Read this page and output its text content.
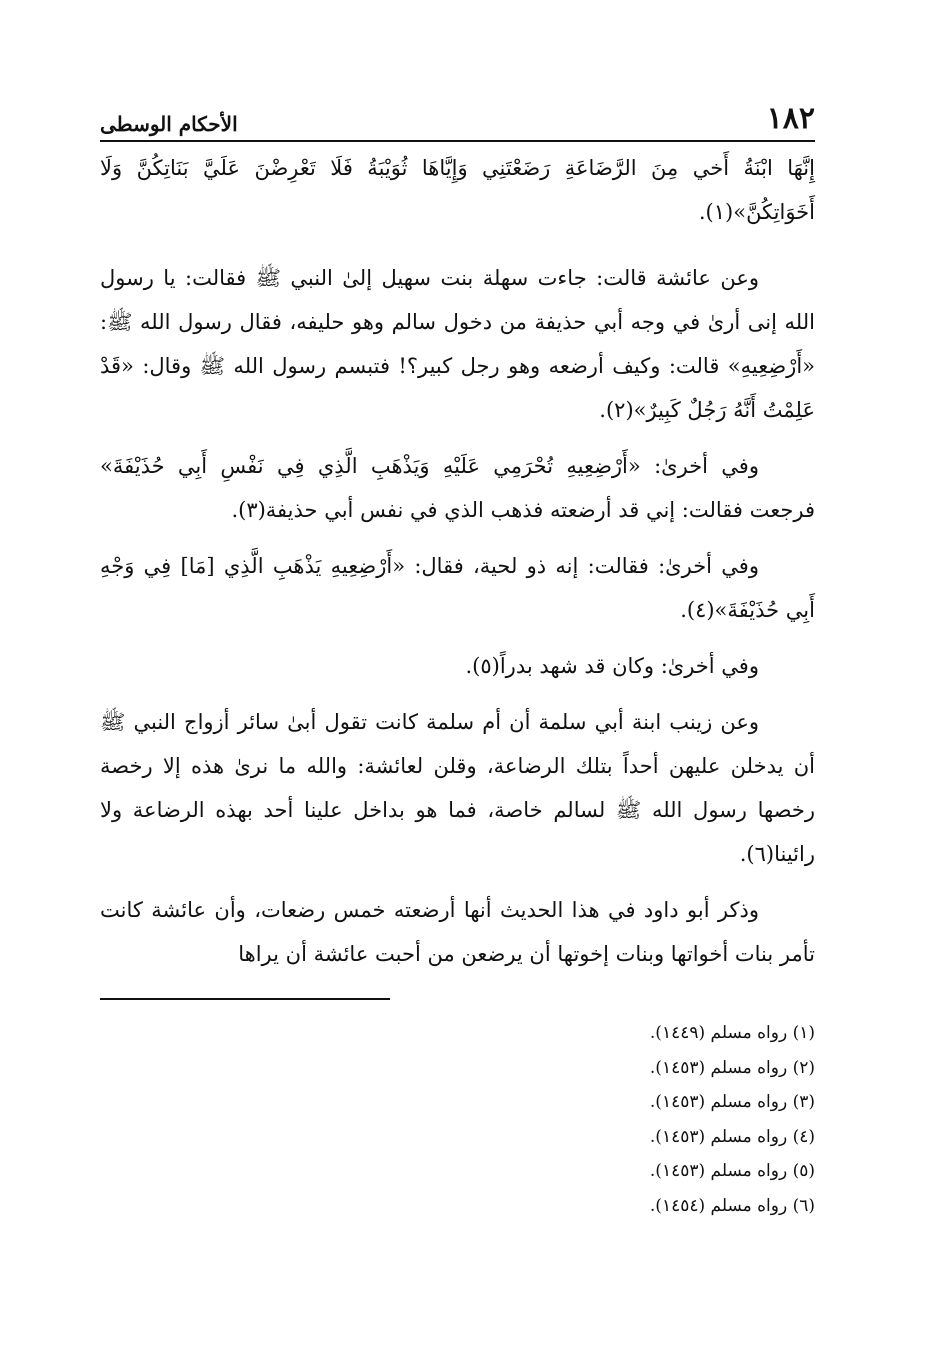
١٨٢
الأحكام الوسطى

إِنَّهَا ابْنَةُ أَخي مِنَ الرَّضَاعَةِ رَضَعْتَنِي وَإِيَّاهَا ثُوَيْبَةُ فَلَا تَعْرِضْنَ عَلَيَّ بَنَاتِكُنَّ وَلَا أَخَوَاتِكُنَّ»(١).

وعن عائشة قالت: جاءت سهلة بنت سهيل إلىٰ النبي ﷺ فقالت: يا رسول الله إنى أرىٰ في وجه أبي حذيفة من دخول سالم وهو حليفه، فقال رسول الله ﷺ: «أَرْضِعِيهِ» قالت: وكيف أرضعه وهو رجل كبير؟! فتبسم رسول الله ﷺ وقال: «قَدْ عَلِمْتُ أَنَّهُ رَجُلٌ كَبِيرٌ»(٢).

وفي أخرىٰ: «أَرْضِعِيهِ تُحْرَمِي عَلَيْهِ وَيَذْهَبِ الَّذِي فِي نَفْسِ أَبِي حُذَيْفَةَ» فرجعت فقالت: إني قد أرضعته فذهب الذي في نفس أبي حذيفة(٣).

وفي أخرىٰ: فقالت: إنه ذو لحية، فقال: «أَرْضِعِيهِ يَذْهَبِ الَّذِي [مَا] فِي وَجْهِ أَبِي حُذَيْفَةَ»(٤).

وفي أخرىٰ: وكان قد شهد بدراً(٥).

وعن زينب ابنة أبي سلمة أن أم سلمة كانت تقول أبىٰ سائر أزواج النبي ﷺ أن يدخلن عليهن أحداً بتلك الرضاعة، وقلن لعائشة: والله ما نرىٰ هذه إلا رخصة رخصها رسول الله ﷺ لسالم خاصة، فما هو بداخل علينا أحد بهذه الرضاعة ولا رائينا(٦).

وذكر أبو داود في هذا الحديث أنها أرضعته خمس رضعات، وأن عائشة كانت تأمر بنات أخواتها وبنات إخوتها أن يرضعن من أحبت عائشة أن يراها

(١) رواه مسلم (١٤٤٩).
(٢) رواه مسلم (١٤٥٣).
(٣) رواه مسلم (١٤٥٣).
(٤) رواه مسلم (١٤٥٣).
(٥) رواه مسلم (١٤٥٣).
(٦) رواه مسلم (١٤٥٤).
